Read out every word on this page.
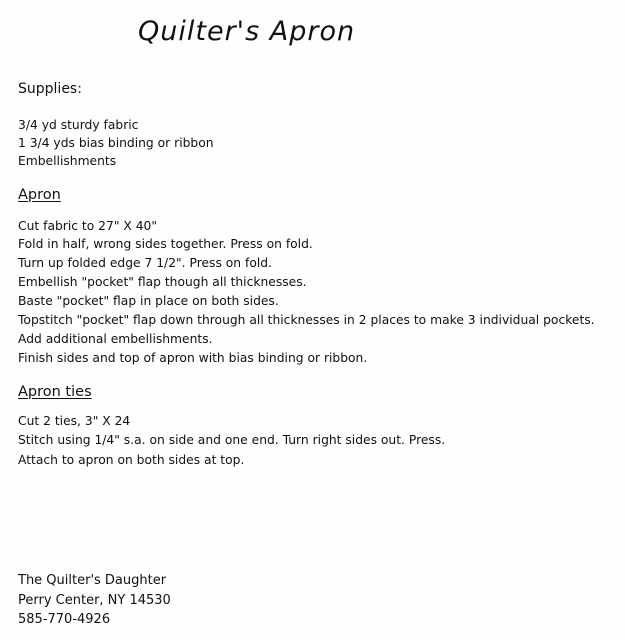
Quilter's Apron
Supplies:
3/4 yd sturdy fabric
1 3/4 yds bias binding or ribbon
Embellishments
Apron
Cut fabric to 27" X 40"
Fold in half, wrong sides together. Press on fold.
Turn up folded edge 7 1/2". Press on fold.
Embellish "pocket" flap though all thicknesses.
Baste "pocket" flap in place on both sides.
Topstitch "pocket" flap down through all thicknesses in 2 places to make 3 individual pockets.
Add additional embellishments.
Finish sides and top of apron with bias binding or ribbon.
Apron ties
Cut 2 ties, 3" X 24
Stitch using 1/4" s.a. on side and one end. Turn right sides out. Press.
Attach to apron on both sides at top.
The Quilter's Daughter
Perry Center, NY 14530
585-770-4926
